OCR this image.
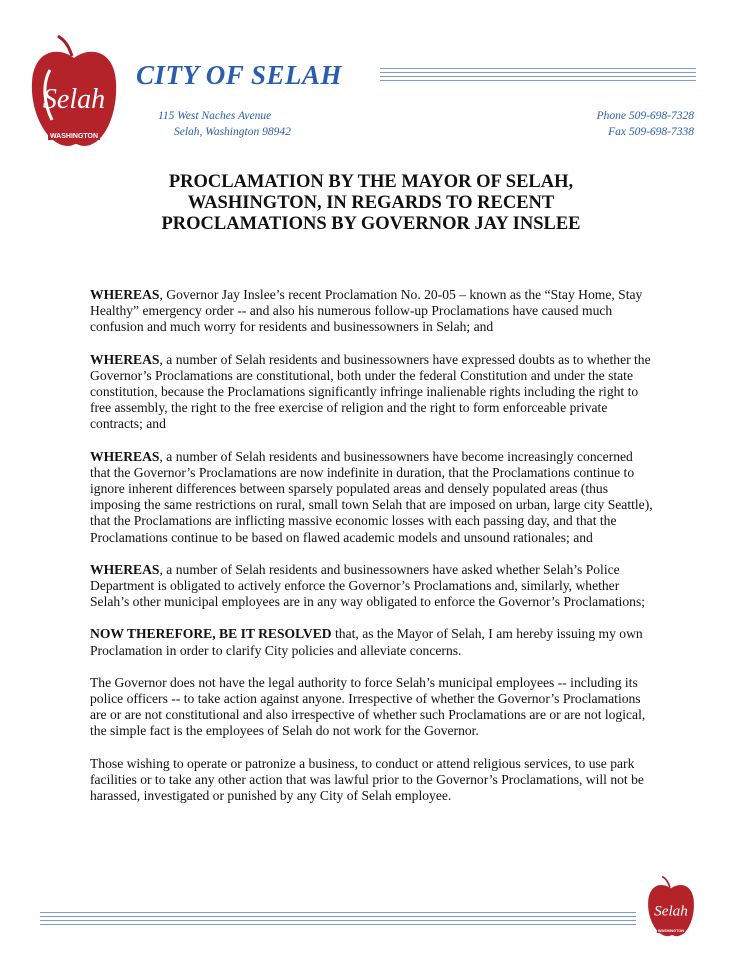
Selah
WASHINGTON
CITY OF SELAH
115 West Naches Avenue
Selah, Washington 98942
Phone 509-698-7328
Fax 509-698-7338
PROCLAMATION BY THE MAYOR OF SELAH,
WASHINGTON, IN REGARDS TO RECENT
PROCLAMATIONS BY GOVERNOR JAY INSLEE

WHEREAS, Governor Jay Inslee’s recent Proclamation No. 20-05 – known as the “Stay Home, Stay Healthy” emergency order -- and also his numerous follow-up Proclamations have caused much confusion and much worry for residents and businessowners in Selah; and

WHEREAS, a number of Selah residents and businessowners have expressed doubts as to whether the Governor’s Proclamations are constitutional, both under the federal Constitution and under the state constitution, because the Proclamations significantly infringe inalienable rights including the right to free assembly, the right to the free exercise of religion and the right to form enforceable private contracts; and

WHEREAS, a number of Selah residents and businessowners have become increasingly concerned that the Governor’s Proclamations are now indefinite in duration, that the Proclamations continue to ignore inherent differences between sparsely populated areas and densely populated areas (thus imposing the same restrictions on rural, small town Selah that are imposed on urban, large city Seattle), that the Proclamations are inflicting massive economic losses with each passing day, and that the Proclamations continue to be based on flawed academic models and unsound rationales; and

WHEREAS, a number of Selah residents and businessowners have asked whether Selah’s Police Department is obligated to actively enforce the Governor’s Proclamations and, similarly, whether Selah’s other municipal employees are in any way obligated to enforce the Governor’s Proclamations;

NOW THEREFORE, BE IT RESOLVED that, as the Mayor of Selah, I am hereby issuing my own Proclamation in order to clarify City policies and alleviate concerns.

The Governor does not have the legal authority to force Selah’s municipal employees -- including its police officers -- to take action against anyone. Irrespective of whether the Governor’s Proclamations are or are not constitutional and also irrespective of whether such Proclamations are or are not logical, the simple fact is the employees of Selah do not work for the Governor.

Those wishing to operate or patronize a business, to conduct or attend religious services, to use park facilities or to take any other action that was lawful prior to the Governor’s Proclamations, will not be harassed, investigated or punished by any City of Selah employee.

Selah
WASHINGTON
